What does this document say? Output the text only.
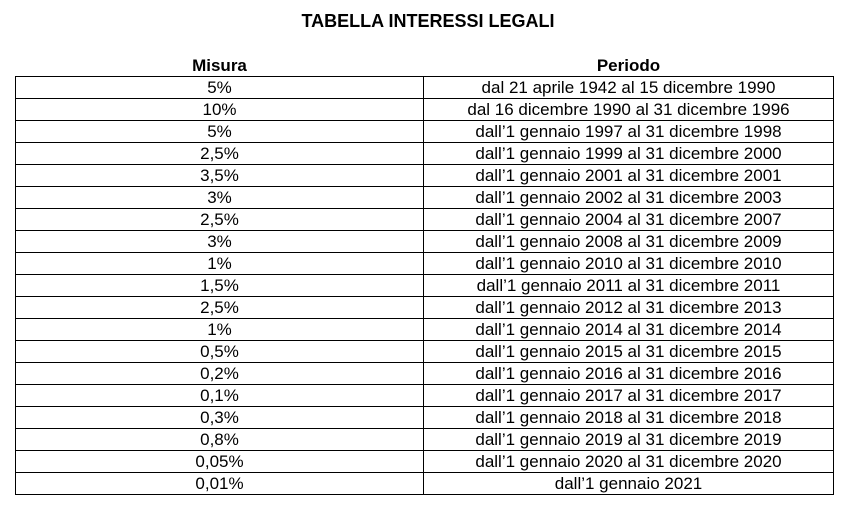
TABELLA INTERESSI LEGALI
Misura	Periodo
5%	dal 21 aprile 1942 al 15 dicembre 1990
10%	dal 16 dicembre 1990 al 31 dicembre 1996
5%	dall’1 gennaio 1997 al 31 dicembre 1998
2,5%	dall’1 gennaio 1999 al 31 dicembre 2000
3,5%	dall’1 gennaio 2001 al 31 dicembre 2001
3%	dall’1 gennaio 2002 al 31 dicembre 2003
2,5%	dall’1 gennaio 2004 al 31 dicembre 2007
3%	dall’1 gennaio 2008 al 31 dicembre 2009
1%	dall’1 gennaio 2010 al 31 dicembre 2010
1,5%	dall’1 gennaio 2011 al 31 dicembre 2011
2,5%	dall’1 gennaio 2012 al 31 dicembre 2013
1%	dall’1 gennaio 2014 al 31 dicembre 2014
0,5%	dall’1 gennaio 2015 al 31 dicembre 2015
0,2%	dall’1 gennaio 2016 al 31 dicembre 2016
0,1%	dall’1 gennaio 2017 al 31 dicembre 2017
0,3%	dall’1 gennaio 2018 al 31 dicembre 2018
0,8%	dall’1 gennaio 2019 al 31 dicembre 2019
0,05%	dall’1 gennaio 2020 al 31 dicembre 2020
0,01%	dall’1 gennaio 2021
